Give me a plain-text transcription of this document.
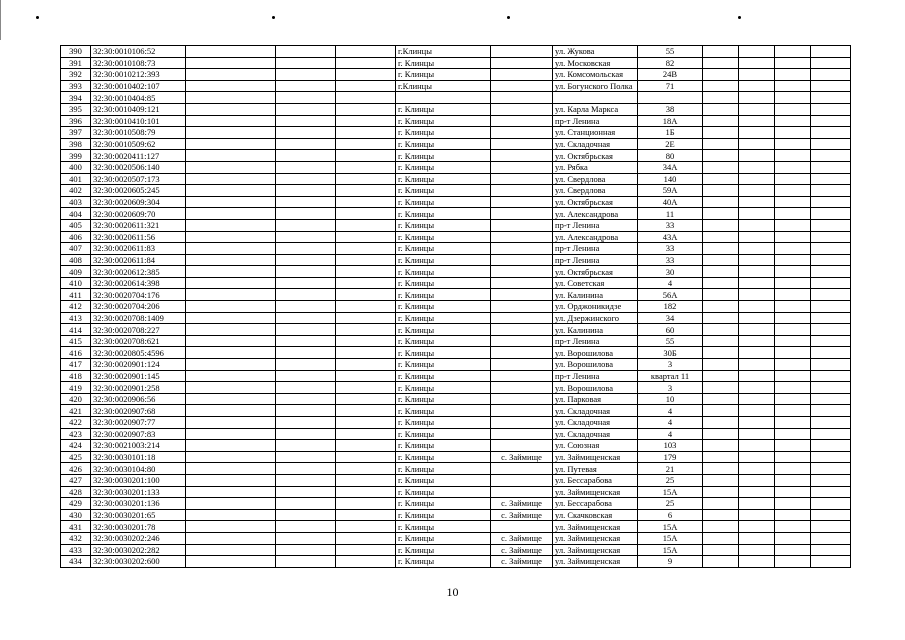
390	32:30:0010106:52				г.Клинцы		ул. Жукова	55				
391	32:30:0010108:73				г. Клинцы		ул. Московская	82				
392	32:30:0010212:393				г. Клинцы		ул. Комсомольская	24В				
393	32:30:0010402:107				г.Клинцы		ул. Богунского Полка	71				
394	32:30:0010404:85											
395	32:30:0010409:121				г. Клинцы		ул. Карла Маркса	38				
396	32:30:0010410:101				г. Клинцы		пр-т Ленина	18А				
397	32:30:0010508:79				г. Клинцы		ул. Станционная	1Б				
398	32:30:0010509:62				г. Клинцы		ул. Складочная	2Е				
399	32:30:0020411:127				г. Клинцы		ул. Октябрьская	80				
400	32:30:0020506:140				г. Клинцы		ул. Рябка	34А				
401	32:30:0020507:173				г. Клинцы		ул. Свердлова	140				
402	32:30:0020605:245				г. Клинцы		ул. Свердлова	59А				
403	32:30:0020609:304				г. Клинцы		ул. Октябрьская	40А				
404	32:30:0020609:70				г. Клинцы		ул. Александрова	11				
405	32:30:0020611:321				г. Клинцы		пр-т Ленина	33				
406	32:30:0020611:56				г. Клинцы		ул. Александрова	43А				
407	32:30:0020611:83				г. Клинцы		пр-т Ленина	33				
408	32:30:0020611:84				г. Клинцы		пр-т Ленина	33				
409	32:30:0020612:385				г. Клинцы		ул. Октябрьская	30				
410	32:30:0020614:398				г. Клинцы		ул. Советская	4				
411	32:30:0020704:176				г. Клинцы		ул. Калинина	56А				
412	32:30:0020704:206				г. Клинцы		ул. Орджоникидзе	182				
413	32:30:0020708:1409				г. Клинцы		ул. Дзержинского	34				
414	32:30:0020708:227				г. Клинцы		ул. Калинина	60				
415	32:30:0020708:621				г. Клинцы		пр-т Ленина	55				
416	32:30:0020805:4596				г. Клинцы		ул. Ворошилова	30Б				
417	32:30:0020901:124				г. Клинцы		ул. Ворошилова	3				
418	32:30:0020901:145				г. Клинцы		пр-т Ленина	квартал 11				
419	32:30:0020901:258				г. Клинцы		ул. Ворошилова	3				
420	32:30:0020906:56				г. Клинцы		ул. Парковая	10				
421	32:30:0020907:68				г. Клинцы		ул. Складочная	4				
422	32:30:0020907:77				г. Клинцы		ул. Складочная	4				
423	32:30:0020907:83				г. Клинцы		ул. Складочная	4				
424	32:30:0021003:214				г. Клинцы		ул. Союзная	103				
425	32:30:0030101:18				г. Клинцы	с. Займище	ул. Займищенская	179				
426	32:30:0030104:80				г. Клинцы		ул. Путевая	21				
427	32:30:0030201:100				г. Клинцы		ул. Бессарабова	25				
428	32:30:0030201:133				г. Клинцы		ул. Займищенская	15А				
429	32:30:0030201:136				г. Клинцы	с. Займище	ул. Бессарабова	25				
430	32:30:0030201:65				г. Клинцы	с. Займище	ул. Скачковская	6				
431	32:30:0030201:78				г. Клинцы		ул. Займищенская	15А				
432	32:30:0030202:246				г. Клинцы	с. Займище	ул. Займищенская	15А				
433	32:30:0030202:282				г. Клинцы	с. Займище	ул. Займищенская	15А				
434	32:30:0030202:600				г. Клинцы	с. Займище	ул. Займищенская	9				
10
